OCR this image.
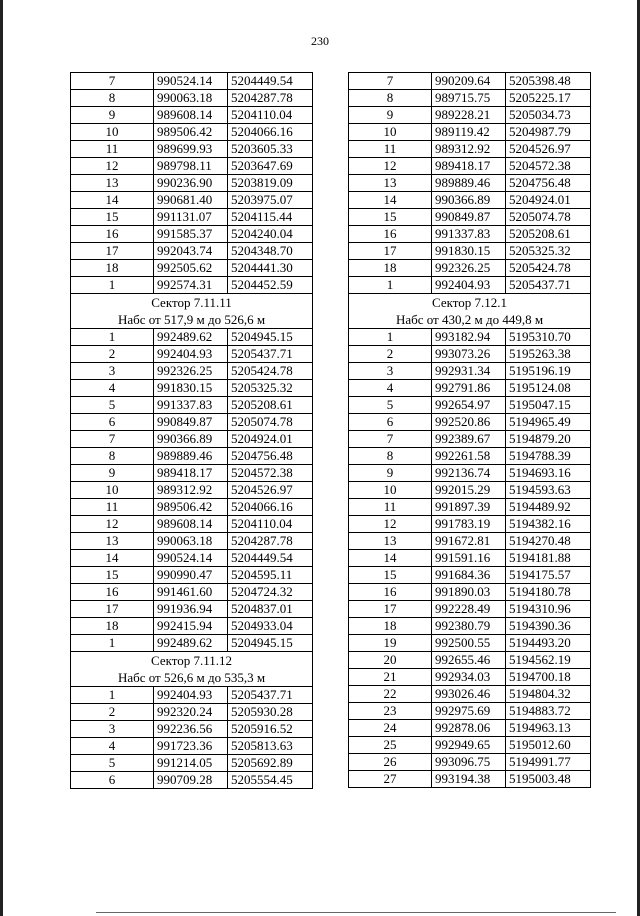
230
7	990524.14	5204449.54
8	990063.18	5204287.78
9	989608.14	5204110.04
10	989506.42	5204066.16
11	989699.93	5203605.33
12	989798.11	5203647.69
13	990236.90	5203819.09
14	990681.40	5203975.07
15	991131.07	5204115.44
16	991585.37	5204240.04
17	992043.74	5204348.70
18	992505.62	5204441.30
1	992574.31	5204452.59

Сектор 7.11.11
Набс от 517,9 м до 526,6 м		

1	992489.62	5204945.15
2	992404.93	5205437.71
3	992326.25	5205424.78
4	991830.15	5205325.32
5	991337.83	5205208.61
6	990849.87	5205074.78
7	990366.89	5204924.01
8	989889.46	5204756.48
9	989418.17	5204572.38
10	989312.92	5204526.97
11	989506.42	5204066.16
12	989608.14	5204110.04
13	990063.18	5204287.78
14	990524.14	5204449.54
15	990990.47	5204595.11
16	991461.60	5204724.32
17	991936.94	5204837.01
18	992415.94	5204933.04
1	992489.62	5204945.15

Сектор 7.11.12
Набс от 526,6 м до 535,3 м		

1	992404.93	5205437.71
2	992320.24	5205930.28
3	992236.56	5205916.52
4	991723.36	5205813.63
5	991214.05	5205692.89
6	990709.28	5205554.45
7	990209.64	5205398.48
8	989715.75	5205225.17
9	989228.21	5205034.73
10	989119.42	5204987.79
11	989312.92	5204526.97
12	989418.17	5204572.38
13	989889.46	5204756.48
14	990366.89	5204924.01
15	990849.87	5205074.78
16	991337.83	5205208.61
17	991830.15	5205325.32
18	992326.25	5205424.78
1	992404.93	5205437.71

Сектор 7.12.1
Набс от 430,2 м до 449,8 м		

1	993182.94	5195310.70
2	993073.26	5195263.38
3	992931.34	5195196.19
4	992791.86	5195124.08
5	992654.97	5195047.15
6	992520.86	5194965.49
7	992389.67	5194879.20
8	992261.58	5194788.39
9	992136.74	5194693.16
10	992015.29	5194593.63
11	991897.39	5194489.92
12	991783.19	5194382.16
13	991672.81	5194270.48
14	991591.16	5194181.88
15	991684.36	5194175.57
16	991890.03	5194180.78
17	992228.49	5194310.96
18	992380.79	5194390.36
19	992500.55	5194493.20
20	992655.46	5194562.19
21	992934.03	5194700.18
22	993026.46	5194804.32
23	992975.69	5194883.72
24	992878.06	5194963.13
25	992949.65	5195012.60
26	993096.75	5194991.77
27	993194.38	5195003.48
